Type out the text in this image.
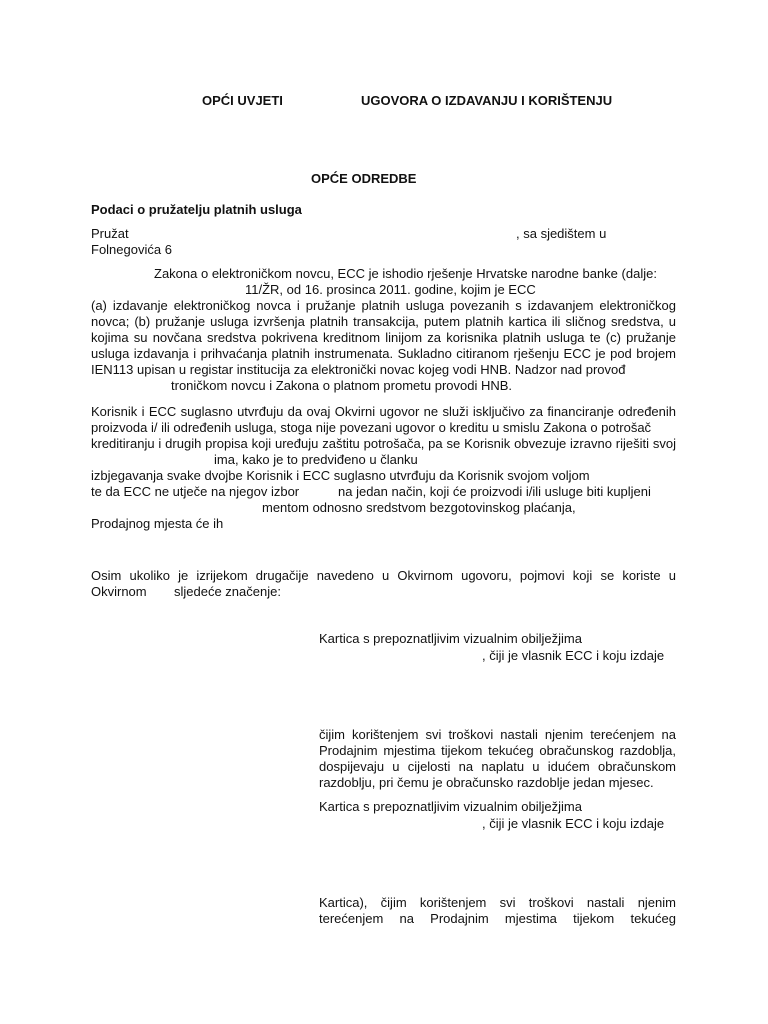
OPĆI UVJETI	UGOVORA O IZDAVANJU I KORIŠTENJU
OPĆE ODREDBE
Podaci o pružatelju platnih usluga
Pružat	, sa sjedištem u
Folnegovića 6
Zakona o elektroničkom novcu, ECC je ishodio rješenje Hrvatske narodne banke (dalje:
11/ŽR, od 16. prosinca 2011. godine, kojim je ECC
(a) izdavanje elektroničkog novca i pružanje platnih usluga povezanih s izdavanjem elektroničkog
novca; (b) pružanje usluga izvršenja platnih transakcija, putem platnih kartica ili sličnog sredstva, u
kojima su novčana sredstva pokrivena kreditnom linijom za korisnika platnih usluga te (c) pružanje
usluga izdavanja i prihvaćanja platnih instrumenata. Sukladno citiranom rješenju ECC je pod brojem
IEN113 upisan u registar institucija za elektronički novac kojeg vodi HNB. Nadzor nad provođ
troničkom novcu i Zakona o platnom prometu provodi HNB.
Korisnik i ECC suglasno utvrđuju da ovaj Okvirni ugovor ne služi isključivo za financiranje određenih
proizvoda i/ ili određenih usluga, stoga nije povezani ugovor o kreditu u smislu Zakona o potrošač
kreditiranju i drugih propisa koji uređuju zaštitu potrošača, pa se Korisnik obvezuje izravno riješiti svoj
ima, kako je to predviđeno u članku
izbjegavanja svake dvojbe Korisnik i ECC suglasno utvrđuju da Korisnik svojom voljom
te da ECC ne utječe na njegov izbor	na jedan način, koji će proizvodi i/ili usluge biti kupljeni
mentom odnosno sredstvom bezgotovinskog plaćanja,
Prodajnog mjesta će ih
Osim ukoliko je izrijekom drugačije navedeno u Okvirnom ugovoru, pojmovi koji se koriste u Okvirnom	sljedeće značenje:
Kartica s prepoznatljivim vizualnim obilježjima
, čiji je vlasnik ECC i koju izdaje
čijim korištenjem svi troškovi nastali njenim terećenjem na
Prodajnim mjestima tijekom tekućeg obračunskog razdoblja,
dospijevaju u cijelosti na naplatu u idućem obračunskom
razdoblju, pri čemu je obračunsko razdoblje jedan mjesec.
Kartica s prepoznatljivim vizualnim obilježjima
, čiji je vlasnik ECC i koju izdaje
Kartica), čijim korištenjem svi troškovi nastali njenim
terećenjem na Prodajnim mjestima tijekom tekućeg
